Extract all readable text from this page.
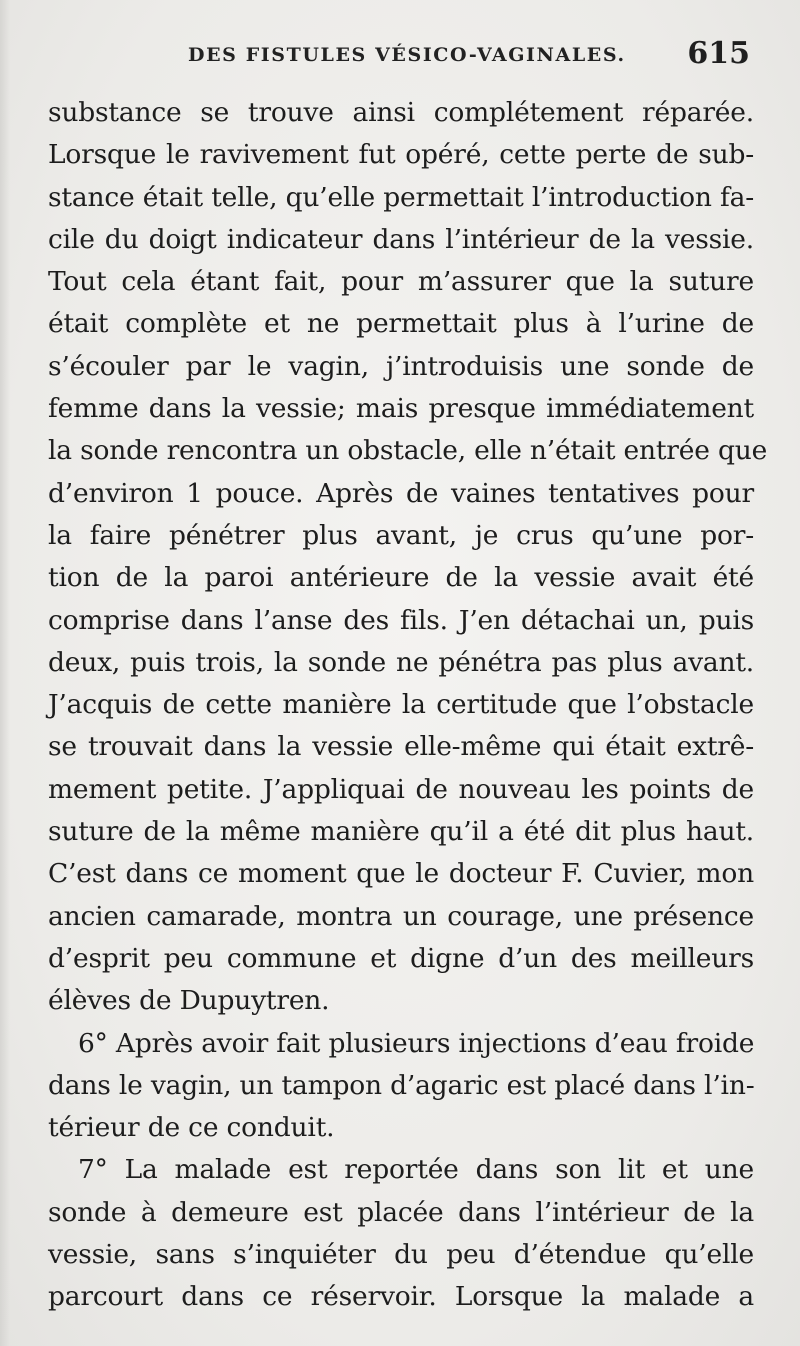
DES FISTULES VÉSICO-VAGINALES. 615
substance se trouve ainsi complétement réparée.
Lorsque le ravivement fut opéré, cette perte de sub-
stance était telle, qu’elle permettait l’introduction fa-
cile du doigt indicateur dans l’intérieur de la vessie.
Tout cela étant fait, pour m’assurer que la suture
était complète et ne permettait plus à l’urine de
s’écouler par le vagin, j’introduisis une sonde de
femme dans la vessie; mais presque immédiatement
la sonde rencontra un obstacle, elle n’était entrée que
d’environ 1 pouce. Après de vaines tentatives pour
la faire pénétrer plus avant, je crus qu’une por-
tion de la paroi antérieure de la vessie avait été
comprise dans l’anse des fils. J’en détachai un, puis
deux, puis trois, la sonde ne pénétra pas plus avant.
J’acquis de cette manière la certitude que l’obstacle
se trouvait dans la vessie elle-même qui était extrê-
mement petite. J’appliquai de nouveau les points de
suture de la même manière qu’il a été dit plus haut.
C’est dans ce moment que le docteur F. Cuvier, mon
ancien camarade, montra un courage, une présence
d’esprit peu commune et digne d’un des meilleurs
élèves de Dupuytren.
6° Après avoir fait plusieurs injections d’eau froide
dans le vagin, un tampon d’agaric est placé dans l’in-
térieur de ce conduit.
7° La malade est reportée dans son lit et une
sonde à demeure est placée dans l’intérieur de la
vessie, sans s’inquiéter du peu d’étendue qu’elle
parcourt dans ce réservoir. Lorsque la malade a
